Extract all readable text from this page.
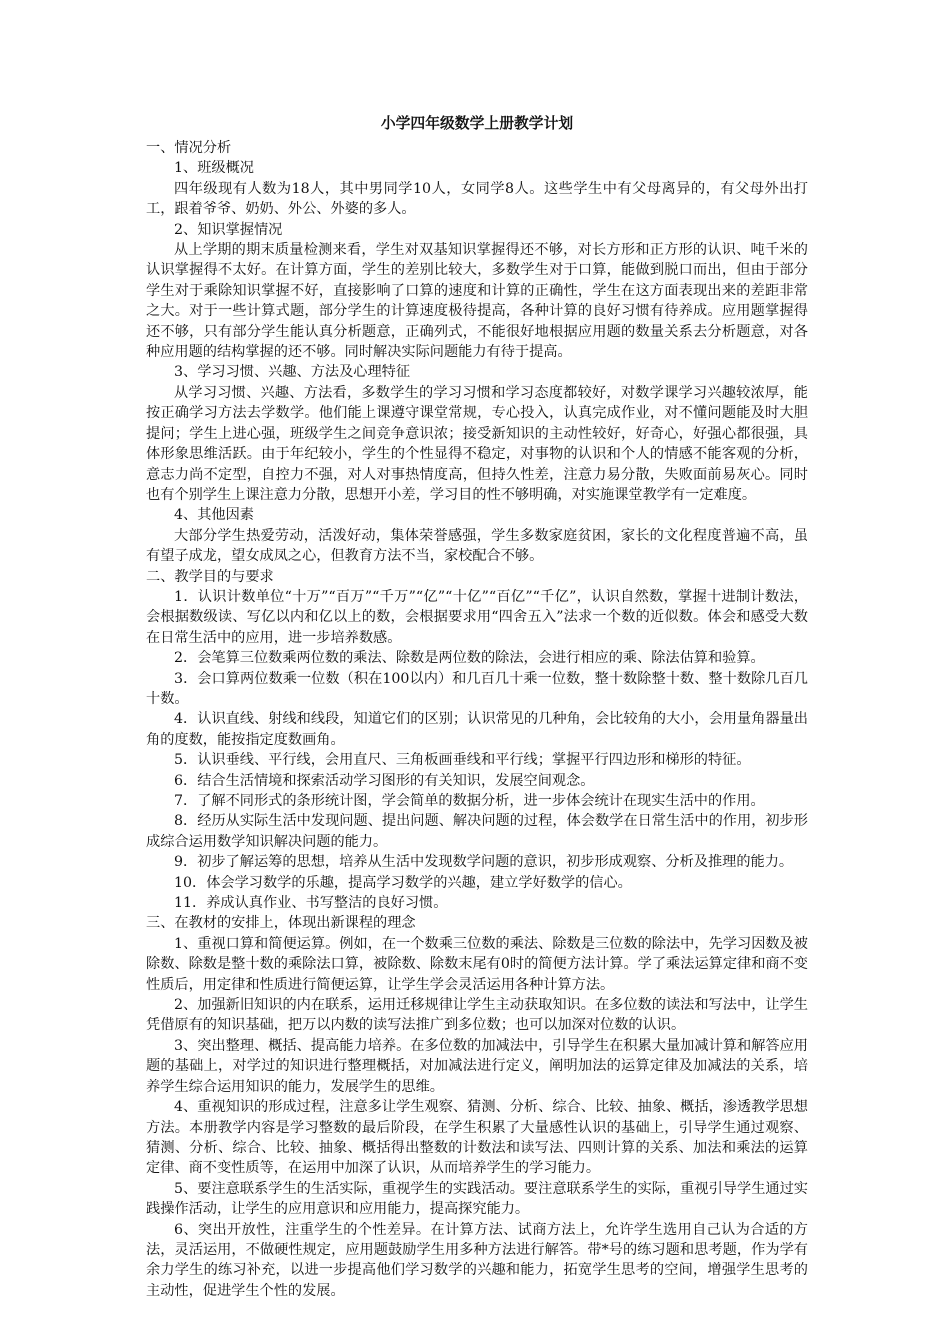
小学四年级数学上册教学计划
一、情况分析
1、班级概况
四年级现有人数为18人，其中男同学10人，女同学8人。这些学生中有父母离异的，有父母外出打工，跟着爷爷、奶奶、外公、外婆的多人。
2、知识掌握情况
从上学期的期末质量检测来看，学生对双基知识掌握得还不够，对长方形和正方形的认识、吨千米的认识掌握得不太好。在计算方面，学生的差别比较大，多数学生对于口算，能做到脱口而出，但由于部分学生对于乘除知识掌握不好，直接影响了口算的速度和计算的正确性，学生在这方面表现出来的差距非常之大。对于一些计算式题，部分学生的计算速度极待提高，各种计算的良好习惯有待养成。应用题掌握得还不够，只有部分学生能认真分析题意，正确列式，不能很好地根据应用题的数量关系去分析题意，对各种应用题的结构掌握的还不够。同时解决实际问题能力有待于提高。
3、学习习惯、兴趣、方法及心理特征
从学习习惯、兴趣、方法看，多数学生的学习习惯和学习态度都较好，对数学课学习兴趣较浓厚，能按正确学习方法去学数学。他们能上课遵守课堂常规，专心投入，认真完成作业，对不懂问题能及时大胆提问；学生上进心强，班级学生之间竞争意识浓；接受新知识的主动性较好，好奇心，好强心都很强，具体形象思维活跃。由于年纪较小，学生的个性显得不稳定，对事物的认识和个人的情感不能客观的分析，意志力尚不定型，自控力不强，对人对事热情度高，但持久性差，注意力易分散，失败面前易灰心。同时也有个别学生上课注意力分散，思想开小差，学习目的性不够明确，对实施课堂教学有一定难度。
4、其他因素
大部分学生热爱劳动，活泼好动，集体荣誉感强，学生多数家庭贫困，家长的文化程度普遍不高，虽有望子成龙，望女成凤之心，但教育方法不当，家校配合不够。
二、教学目的与要求
1．认识计数单位“十万”“百万”“千万”“亿”“十亿”“百亿”“千亿”，认识自然数，掌握十进制计数法，会根据数级读、写亿以内和亿以上的数，会根据要求用“四舍五入”法求一个数的近似数。体会和感受大数在日常生活中的应用，进一步培养数感。
2．会笔算三位数乘两位数的乘法、除数是两位数的除法，会进行相应的乘、除法估算和验算。
3．会口算两位数乘一位数（积在100以内）和几百几十乘一位数，整十数除整十数、整十数除几百几十数。
4．认识直线、射线和线段，知道它们的区别；认识常见的几种角，会比较角的大小，会用量角器量出角的度数，能按指定度数画角。
5．认识垂线、平行线，会用直尺、三角板画垂线和平行线；掌握平行四边形和梯形的特征。
6．结合生活情境和探索活动学习图形的有关知识，发展空间观念。
7．了解不同形式的条形统计图，学会简单的数据分析，进一步体会统计在现实生活中的作用。
8．经历从实际生活中发现问题、提出问题、解决问题的过程，体会数学在日常生活中的作用，初步形成综合运用数学知识解决问题的能力。
9．初步了解运筹的思想，培养从生活中发现数学问题的意识，初步形成观察、分析及推理的能力。
10．体会学习数学的乐趣，提高学习数学的兴趣，建立学好数学的信心。
11．养成认真作业、书写整洁的良好习惯。
三、在教材的安排上，体现出新课程的理念
1、重视口算和简便运算。例如，在一个数乘三位数的乘法、除数是三位数的除法中，先学习因数及被除数、除数是整十数的乘除法口算，被除数、除数末尾有0时的简便方法计算。学了乘法运算定律和商不变性质后，用定律和性质进行简便运算，让学生学会灵活运用各种计算方法。
2、加强新旧知识的内在联系，运用迁移规律让学生主动获取知识。在多位数的读法和写法中，让学生凭借原有的知识基础，把万以内数的读写法推广到多位数；也可以加深对位数的认识。
3、突出整理、概括、提高能力培养。在多位数的加减法中，引导学生在积累大量加减计算和解答应用题的基础上，对学过的知识进行整理概括，对加减法进行定义，阐明加法的运算定律及加减法的关系，培养学生综合运用知识的能力，发展学生的思维。
4、重视知识的形成过程，注意多让学生观察、猜测、分析、综合、比较、抽象、概括，渗透教学思想方法。本册教学内容是学习整数的最后阶段，在学生积累了大量感性认识的基础上，引导学生通过观察、猜测、分析、综合、比较、抽象、概括得出整数的计数法和读写法、四则计算的关系、加法和乘法的运算定律、商不变性质等，在运用中加深了认识，从而培养学生的学习能力。
5、要注意联系学生的生活实际，重视学生的实践活动。要注意联系学生的实际，重视引导学生通过实践操作活动，让学生的应用意识和应用能力，提高探究能力。
6、突出开放性，注重学生的个性差异。在计算方法、试商方法上，允许学生选用自己认为合适的方法，灵活运用，不做硬性规定，应用题鼓励学生用多种方法进行解答。带*号的练习题和思考题，作为学有余力学生的练习补充，以进一步提高他们学习数学的兴趣和能力，拓宽学生思考的空间，增强学生思考的主动性，促进学生个性的发展。
